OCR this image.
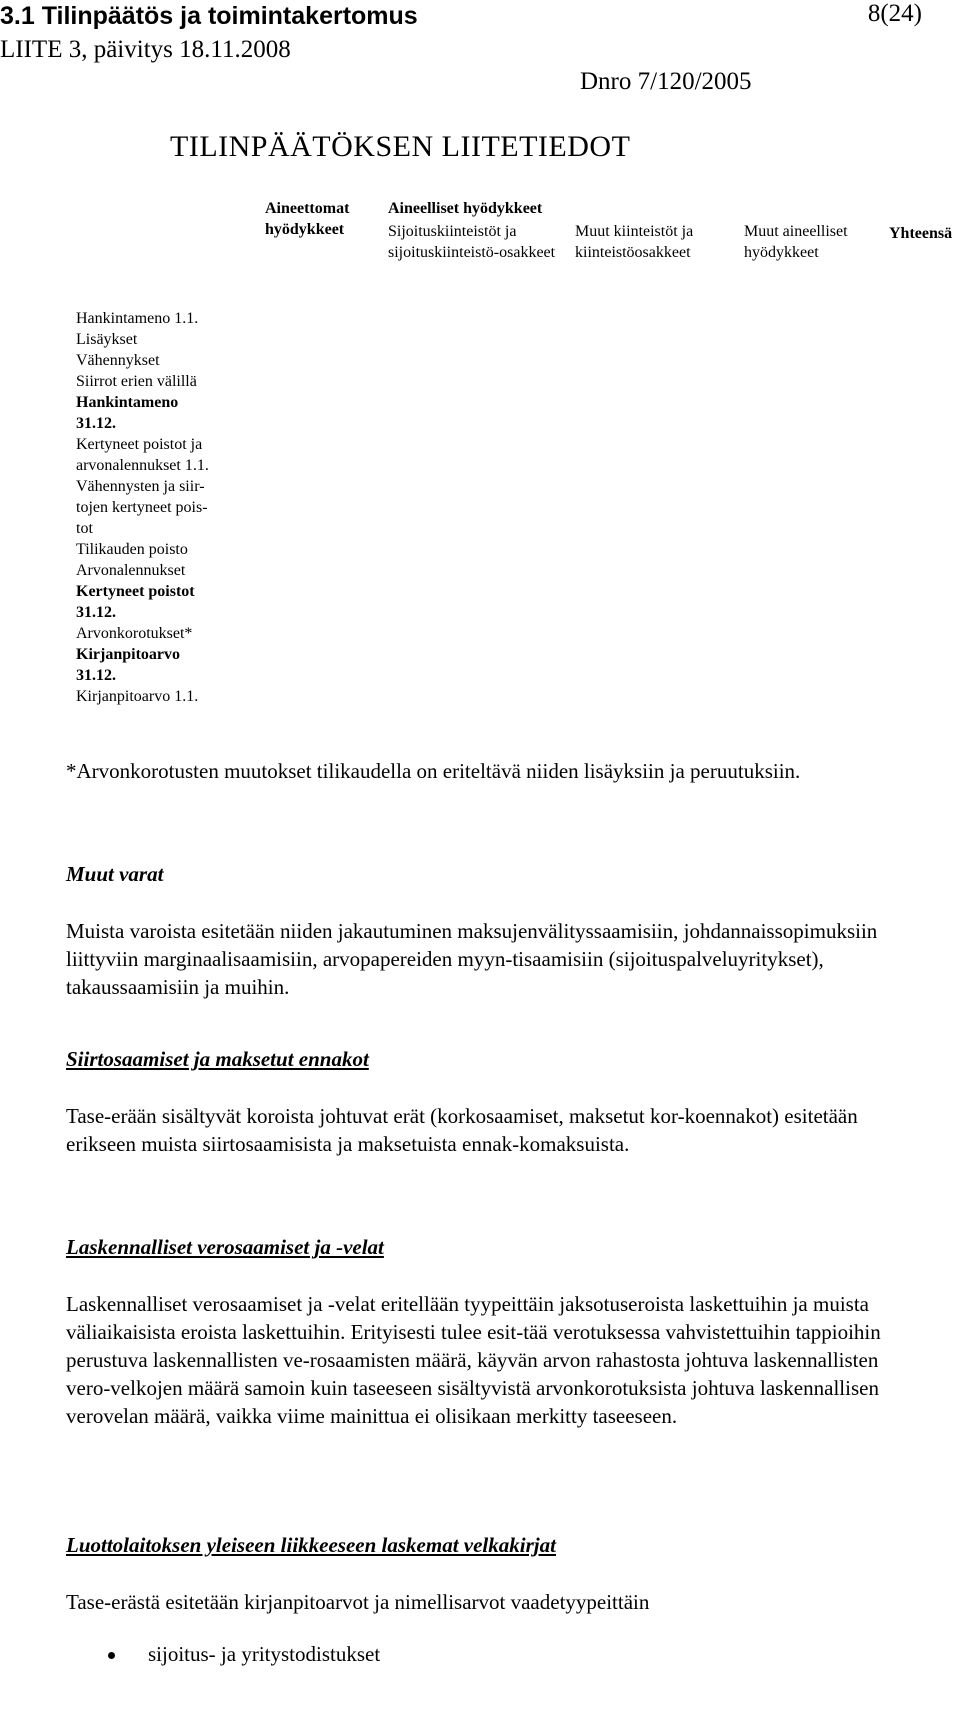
3.1 Tilinpäätös ja toimintakertomus
LIITE 3, päivitys 18.11.2008
8(24)
Dnro 7/120/2005
TILINPÄÄTÖKSEN LIITETIEDOT
Aineettomat hyödykkeet
Aineelliset hyödykkeet
Sijoituskiinteistöt ja sijoituskiinteistö-osakkeet
Muut kiinteistöt ja kiinteistöosakkeet
Muut aineelliset hyödykkeet
Yhteensä
Hankintameno 1.1.
Lisäykset
Vähennykset
Siirrot erien välillä
Hankintameno
31.12.
Kertyneet poistot ja
arvonalennukset 1.1.
Vähennysten ja siir-
tojen kertyneet pois-
tot
Tilikauden poisto
Arvonalennukset
Kertyneet poistot
31.12.
Arvonkorotukset*
Kirjanpitoarvo
31.12.
Kirjanpitoarvo 1.1.
*Arvonkorotusten muutokset tilikaudella on eriteltävä niiden lisäyksiin ja peruutuksiin.
Muut varat
Muista varoista esitetään niiden jakautuminen maksujenvälityssaamisiin, johdannaissopimuksiin liittyviin marginaalisaamisiin, arvopapereiden myyn-tisaamisiin (sijoituspalveluyritykset), takaussaamisiin ja muihin.
Siirtosaamiset ja maksetut ennakot
Tase-erään sisältyvät koroista johtuvat erät (korkosaamiset, maksetut kor-koennakot) esitetään erikseen muista siirtosaamisista ja maksetuista ennak-komaksuista.
Laskennalliset verosaamiset ja -velat
Laskennalliset verosaamiset ja -velat eritellään tyypeittäin jaksotuseroista laskettuihin ja muista väliaikaisista eroista laskettuihin. Erityisesti tulee esit-tää verotuksessa vahvistettuihin tappioihin perustuva laskennallisten ve-rosaamisten määrä, käyvän arvon rahastosta johtuva laskennallisten vero-velkojen määrä samoin kuin taseeseen sisältyvistä arvonkorotuksista johtuva laskennallisen verovelan määrä, vaikka viime mainittua ei olisikaan merkitty taseeseen.
Luottolaitoksen yleiseen liikkeeseen laskemat velkakirjat
Tase-erästä esitetään kirjanpitoarvot ja nimellisarvot vaadetyypeittäin
sijoitus- ja yritystodistukset
